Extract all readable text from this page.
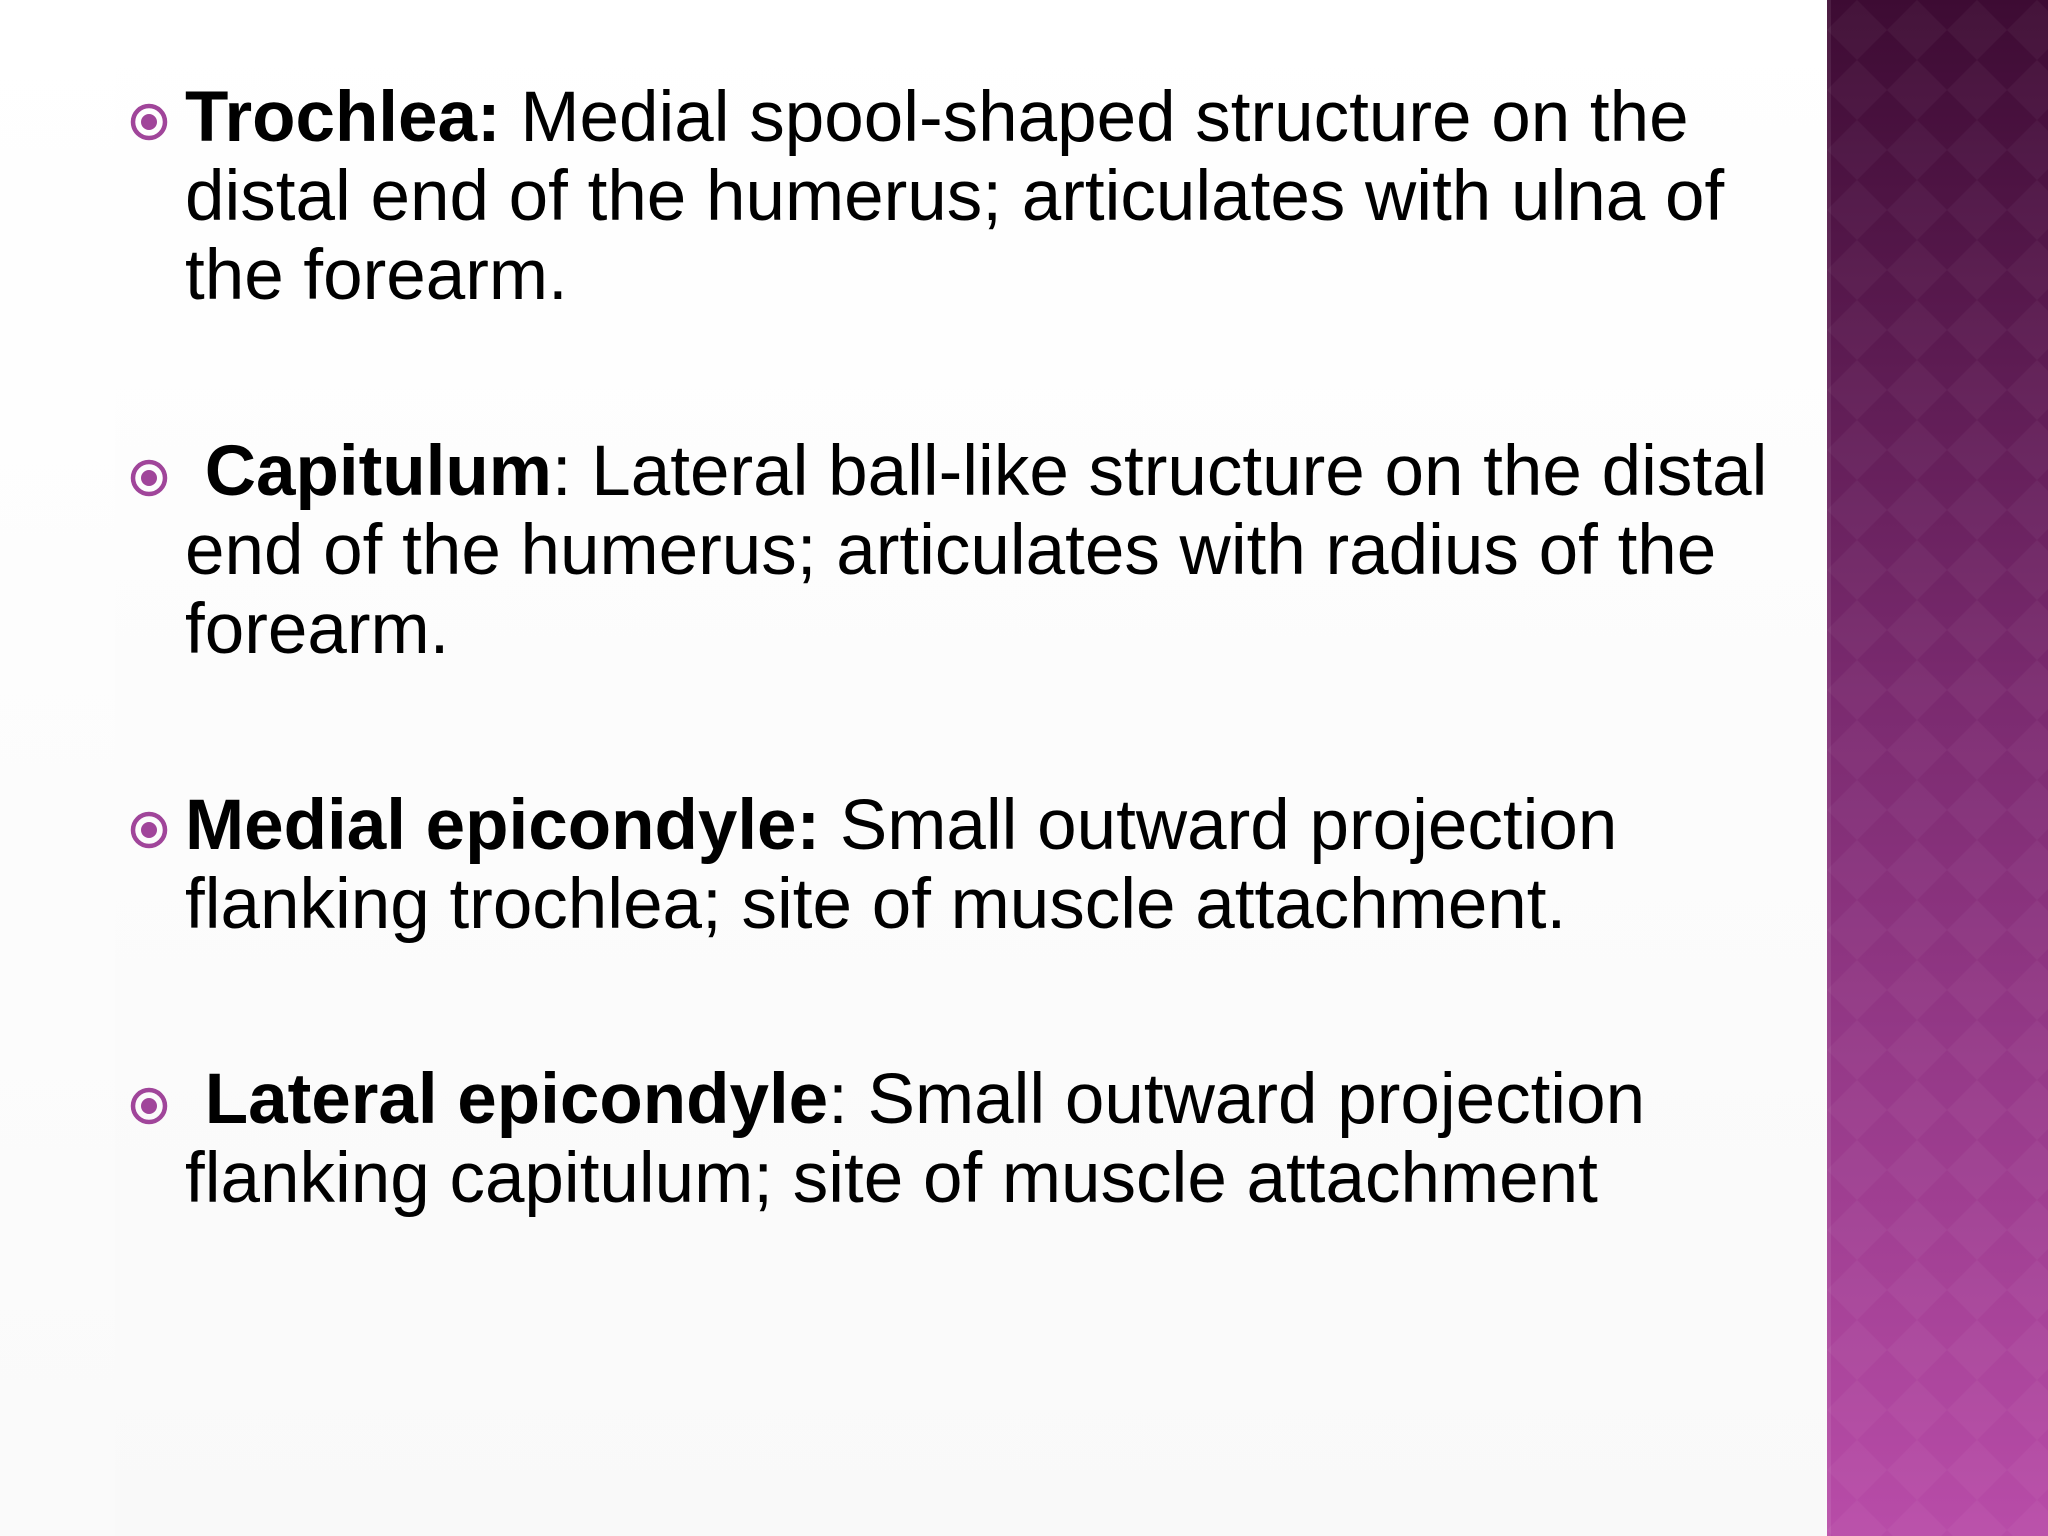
Trochlea: Medial spool-shaped structure on the distal end of the humerus; articulates with ulna of the forearm.
Capitulum: Lateral ball-like structure on the distal end of the humerus; articulates with radius of the forearm.
Medial epicondyle: Small outward projection flanking trochlea; site of muscle attachment.
Lateral epicondyle: Small outward projection flanking capitulum; site of muscle attachment
